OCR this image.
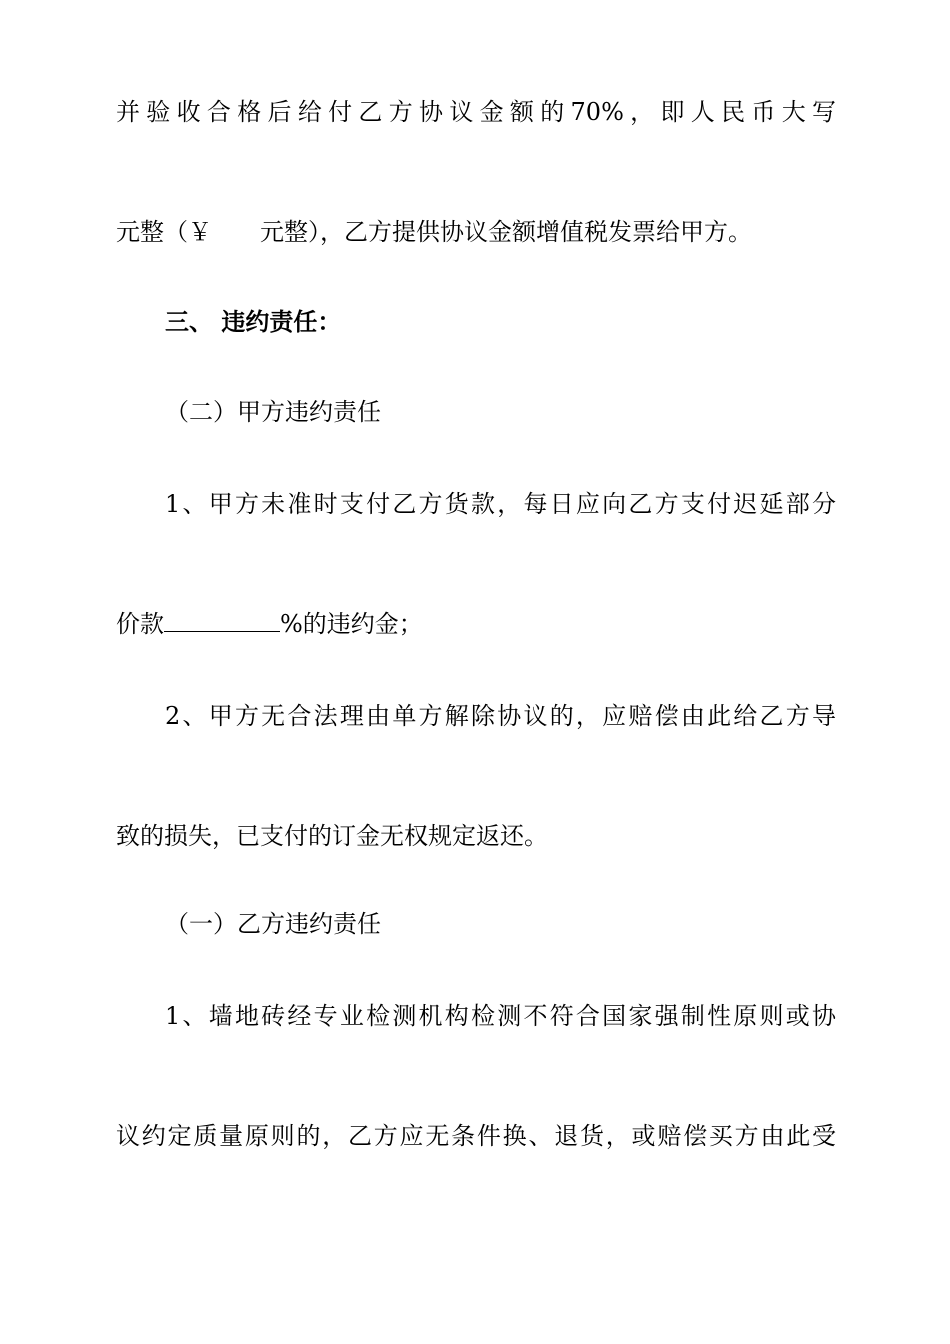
并验收合格后给付乙方协议金额的70%，即人民币大写
元整（￥ 元整），乙方提供协议金额增值税发票给甲方。
三、 违约责任：
（二）甲方违约责任
1、甲方未准时支付乙方货款，每日应向乙方支付迟延部分
价款	%的违约金；
2、甲方无合法理由单方解除协议的，应赔偿由此给乙方导
致的损失，已支付的订金无权规定返还。
（一）乙方违约责任
1、墙地砖经专业检测机构检测不符合国家强制性原则或协
议约定质量原则的，乙方应无条件换、退货，或赔偿买方由此受
